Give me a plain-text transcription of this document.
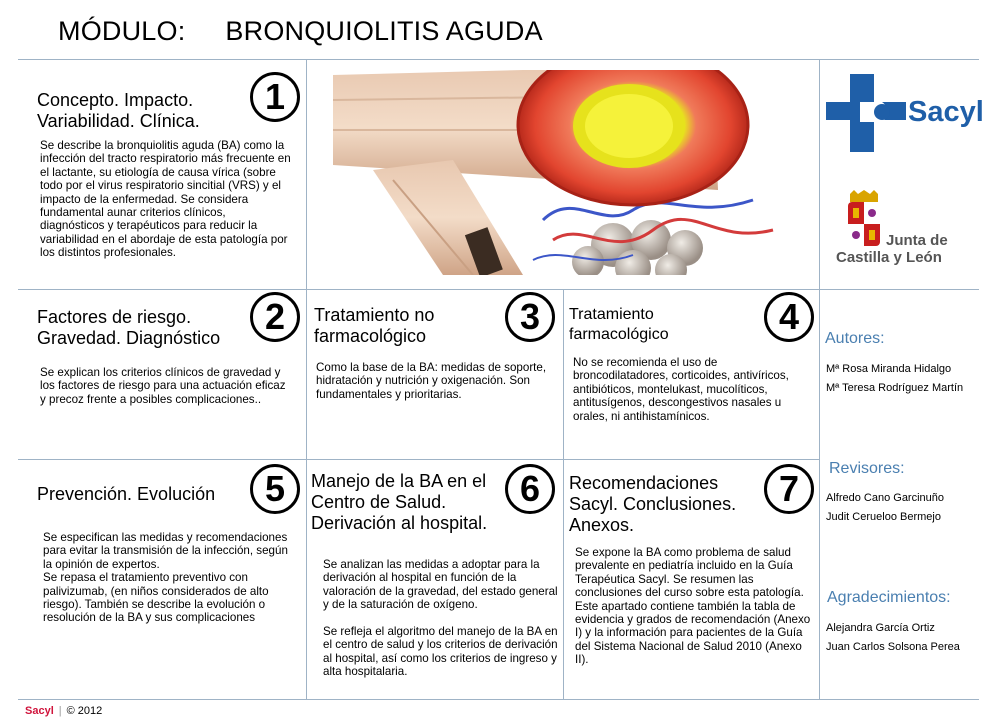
MÓDULO: BRONQUIOLITIS AGUDA
Concepto. Impacto. Variabilidad. Clínica.
1
Se describe la bronquiolitis aguda (BA) como la infección del tracto respiratorio más frecuente en el lactante, su etiología de causa vírica (sobre todo por el virus respiratorio sincitial (VRS) y el impacto de la enfermedad. Se considera fundamental aunar criterios clínicos, diagnósticos y terapéuticos para reducir la variabilidad en el abordaje de esta patología por los distintos profesionales.
Sacyl
Junta de
Castilla y León
Factores de riesgo. Gravedad. Diagnóstico
2
Se explican los criterios clínicos de gravedad y los factores de riesgo para una actuación eficaz y precoz frente a posibles complicaciones..
Tratamiento no farmacológico	3
Como la base de la BA: medidas de soporte, hidratación y nutrición y oxigenación. Son fundamentales y prioritarias.
Tratamiento farmacológico	4
No se recomienda el uso de broncodilatadores, corticoides, antivíricos, antibióticos, montelukast, mucolíticos, antitusígenos, descongestivos nasales u orales, ni antihistamínicos.
Autores:
Mª Rosa Miranda Hidalgo
Mª Teresa Rodríguez Martín
Revisores:
Alfredo Cano Garcinuño
Judit Cerueloo Bermejo
Agradecimientos:
Alejandra García Ortiz
Juan Carlos Solsona Perea
Prevención. Evolución	5
Se especifican las medidas y recomendaciones para evitar la transmisión de la infección, según la opinión de expertos.
Se repasa el tratamiento preventivo con palivizumab, (en niños considerados de alto riesgo). También se describe la evolución o resolución de la BA y sus complicaciones
Manejo de la BA en el Centro de Salud. Derivación al hospital.
6
Se analizan las medidas a adoptar para la derivación al hospital en función de la valoración de la gravedad, del estado general y de la saturación de oxígeno.

Se refleja el algoritmo del manejo de la BA en el centro de salud y los criterios de derivación al hospital, así como los criterios de ingreso y alta hospitalaria.
Recomendaciones Sacyl. Conclusiones. Anexos.
7
Se expone la BA como problema de salud prevalente en pediatría incluido en la Guía Terapéutica Sacyl. Se resumen las conclusiones del curso sobre esta patología.
Este apartado contiene también la tabla de evidencia y grados de recomendación (Anexo I) y la información para pacientes de la Guía del Sistema Nacional de Salud 2010 (Anexo II).
Sacyl | © 2012
